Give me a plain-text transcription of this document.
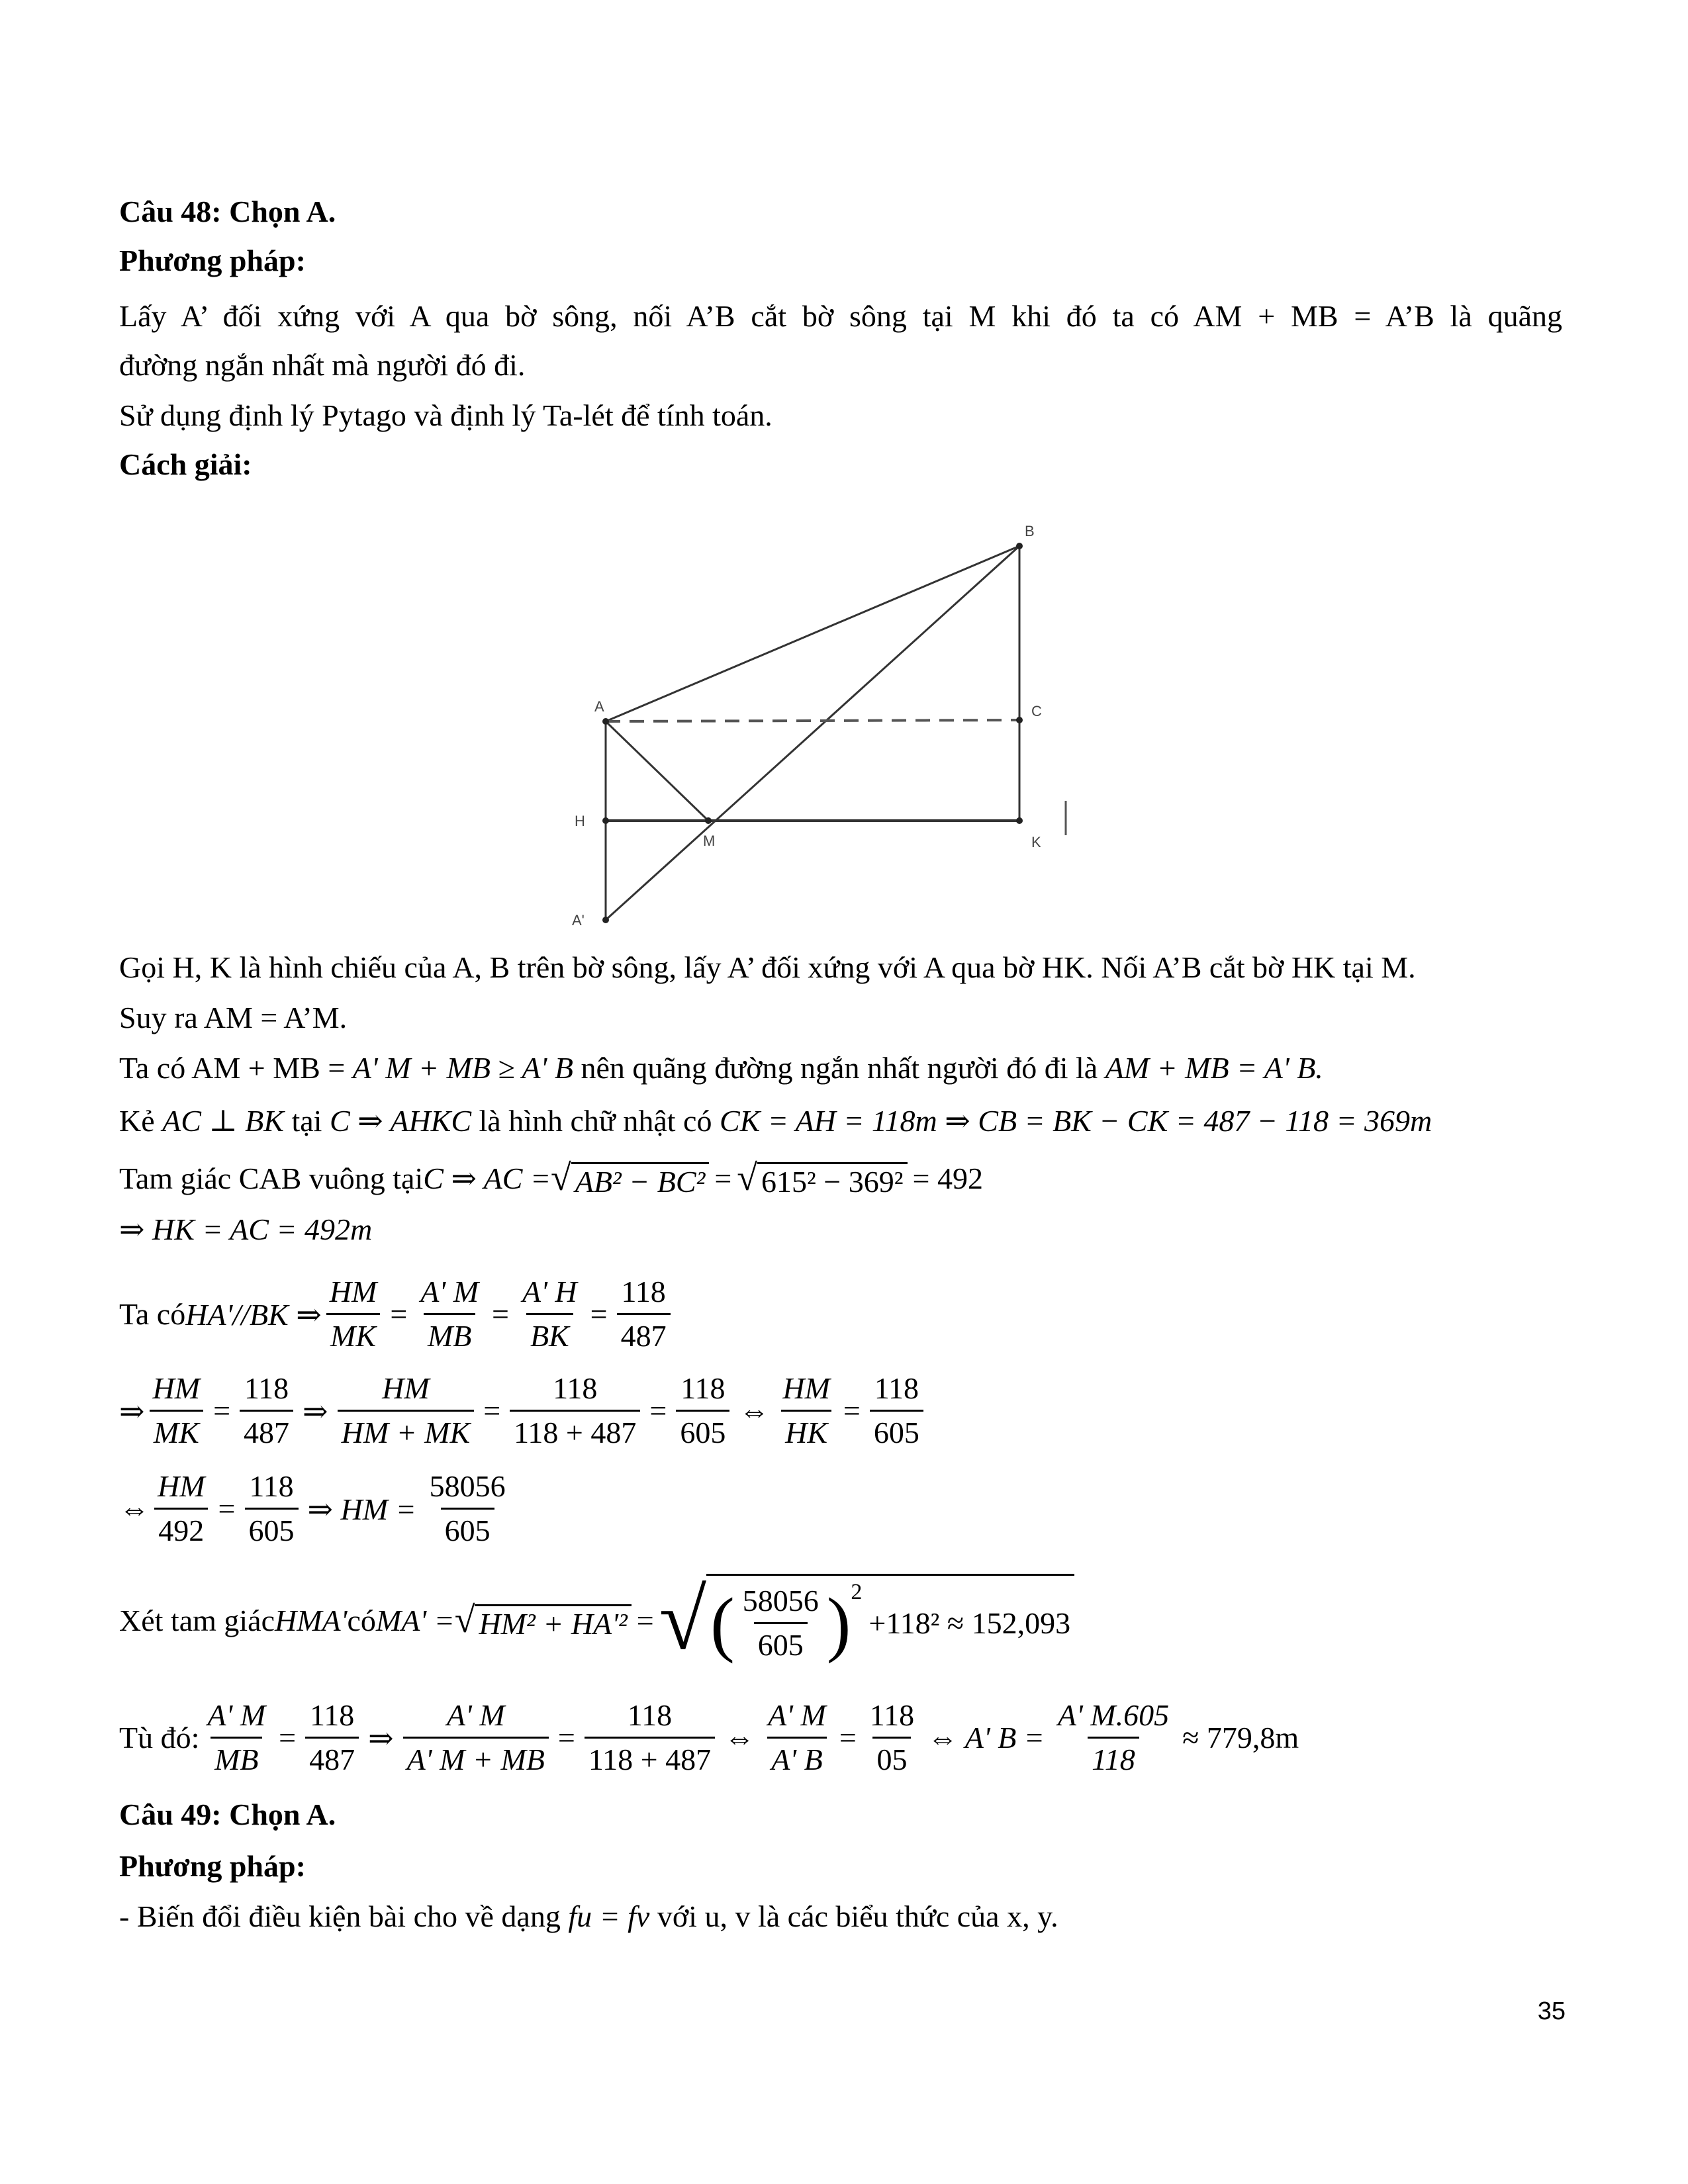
Câu 48: Chọn A.
Phương pháp:
Lấy A’ đối xứng với A qua bờ sông, nối A’B cắt bờ sông tại M khi đó ta có AM + MB = A’B là quãng
đường ngắn nhất mà người đó đi.
Sử dụng định lý Pytago và định lý Ta-lét để tính toán.
Cách giải:
B
A	C
H
M	K
A'
Gọi H, K là hình chiếu của A, B trên bờ sông, lấy A’ đối xứng với A qua bờ HK. Nối A’B cắt bờ HK tại M.
Suy ra AM = A’M.
Ta có AM + MB = A' M + MB ≥ A' B nên quãng đường ngắn nhất người đó đi là AM + MB = A' B.
Kẻ AC ⊥ BK tại C ⇒ AHKC là hình chữ nhật có CK = AH = 118m ⇒ CB = BK − CK = 487 − 118 = 369m
Tam giác CAB vuông tại C ⇒ AC = √ AB² − BC² = √ 615² − 369² = 492
⇒ HK = AC = 492m
Ta có HA'//BK ⇒ $\frac{HM}{MK} = \frac{A' M}{MB} = \frac{A' H}{BK} = \frac{118}{487}$
⇒ $\frac{HM}{MK} = \frac{118}{487}$ ⇒ $\frac{HM}{HM + MK} = \frac{118}{118 + 487} = \frac{118}{605}$ ⇔ $\frac{HM}{HK} = \frac{118}{605}$
⇔ $\frac{HM}{492} = \frac{118}{605}$ ⇒ HM = $\frac{58056}{605}$
Xét tam giác HMA' có MA' = √ HM² + HA'² = √ ( $\frac{58056}{605} )^2$
+118² ≈ 152,093
Tù đó: $\frac{A' M}{MB} = \frac{118}{487}$ ⇒ $\frac{A' M}{A' M + MB} = \frac{118}{118 + 487}$ ⇔ $\frac{A' M}{A' B} = \frac{118}{05}$ ⇔ A' $B = \frac{A' M.605}{118} \approx 779,8m$
Câu 49: Chọn A.
Phương pháp:
- Biến đổi điều kiện bài cho về dạng fu = fv với u, v là các biểu thức của x, y.
35
